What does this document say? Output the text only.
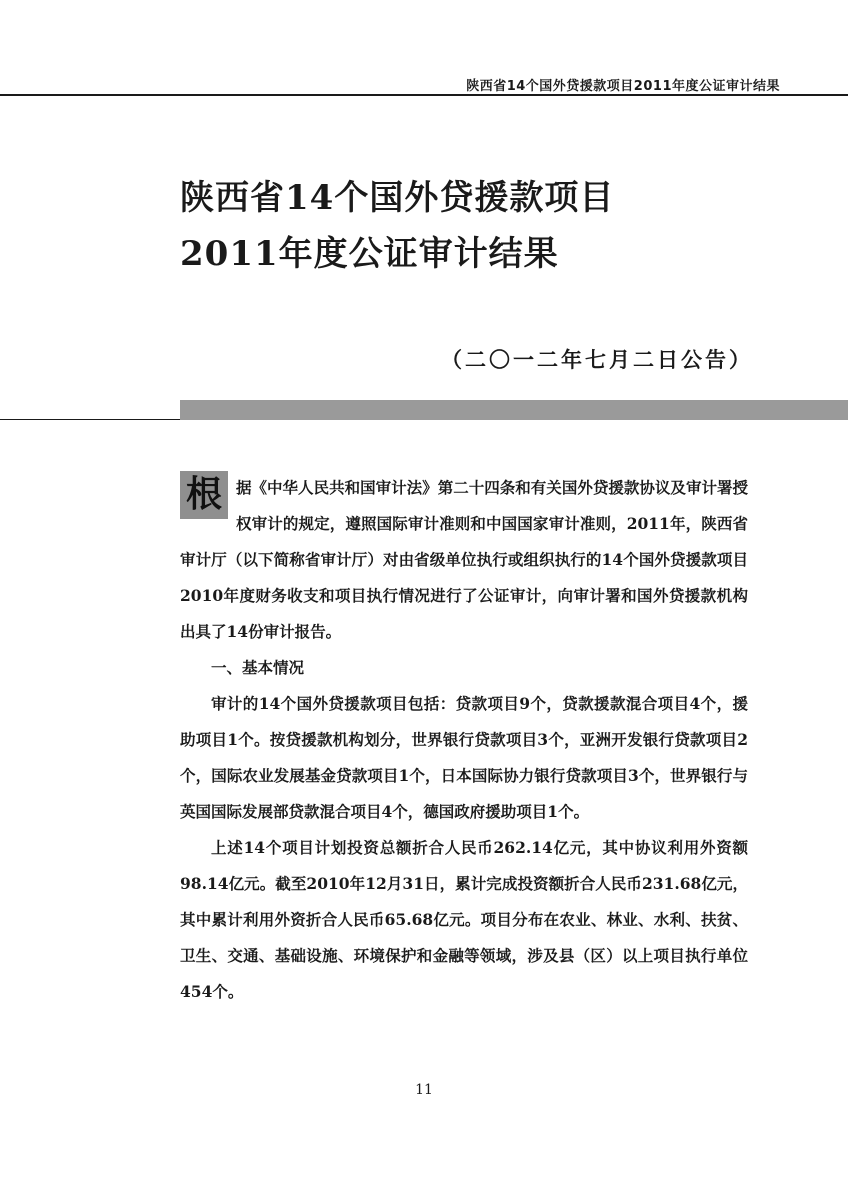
陕西省14个国外贷援款项目2011年度公证审计结果
陕西省14个国外贷援款项目
2011年度公证审计结果
（二〇一二年七月二日公告）

根 据《中华人民共和国审计法》第二十四条和有关国外贷援款协议及审计署授权审计的规定，遵照国际审计准则和中国国家审计准则，2011年，陕西省审计厅（以下简称省审计厅）对由省级单位执行或组织执行的14个国外贷援款项目2010年度财务收支和项目执行情况进行了公证审计，向审计署和国外贷援款机构出具了14份审计报告。

一、基本情况

审计的14个国外贷援款项目包括：贷款项目9个，贷款援款混合项目4个，援助项目1个。按贷援款机构划分，世界银行贷款项目3个，亚洲开发银行贷款项目2个，国际农业发展基金贷款项目1个，日本国际协力银行贷款项目3个，世界银行与英国国际发展部贷款混合项目4个，德国政府援助项目1个。

上述14个项目计划投资总额折合人民币262.14亿元，其中协议利用外资额98.14亿元。截至2010年12月31日，累计完成投资额折合人民币231.68亿元，其中累计利用外资折合人民币65.68亿元。项目分布在农业、林业、水利、扶贫、卫生、交通、基础设施、环境保护和金融等领域，涉及县（区）以上项目执行单位454个。

11
